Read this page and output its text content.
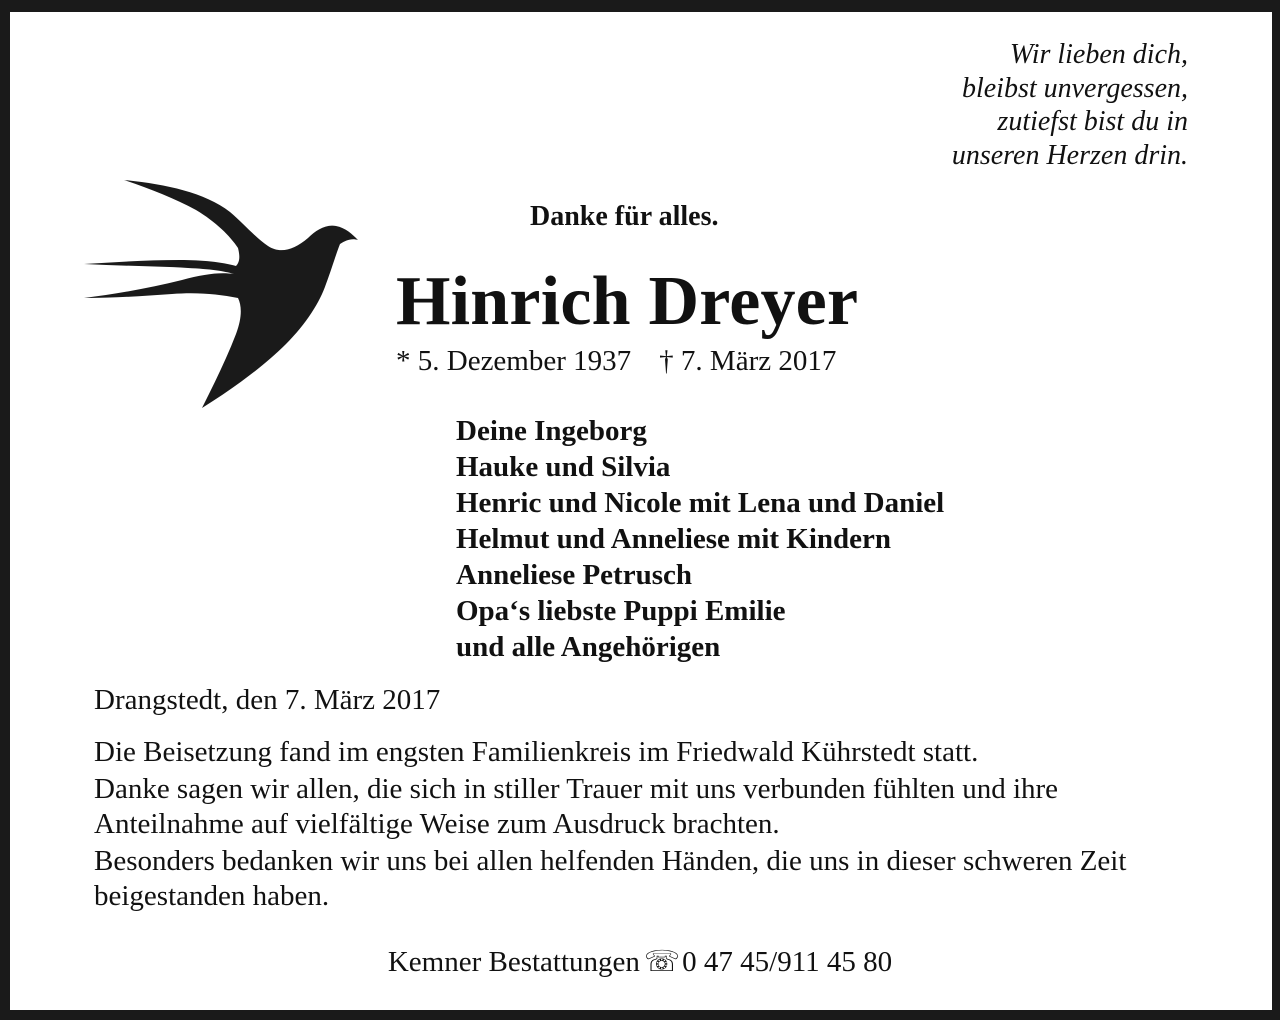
Wir lieben dich,
bleibst unvergessen,
zutiefst bist du in
unseren Herzen drin.
Danke für alles.
Hinrich Dreyer
* 5. Dezember 1937 † 7. März 2017
Deine Ingeborg
Hauke und Silvia
Henric und Nicole mit Lena und Daniel
Helmut und Anneliese mit Kindern
Anneliese Petrusch
Opa‘s liebste Puppi Emilie
und alle Angehörigen
Drangstedt, den 7. März 2017

Die Beisetzung fand im engsten Familienkreis im Friedwald Kührstedt statt.

Danke sagen wir allen, die sich in stiller Trauer mit uns verbunden fühlten und ihre Anteilnahme auf vielfältige Weise zum Ausdruck brachten.

Besonders bedanken wir uns bei allen helfenden Händen, die uns in dieser schweren Zeit beigestanden haben.

Kemner Bestattungen ☏0 47 45/911 45 80
